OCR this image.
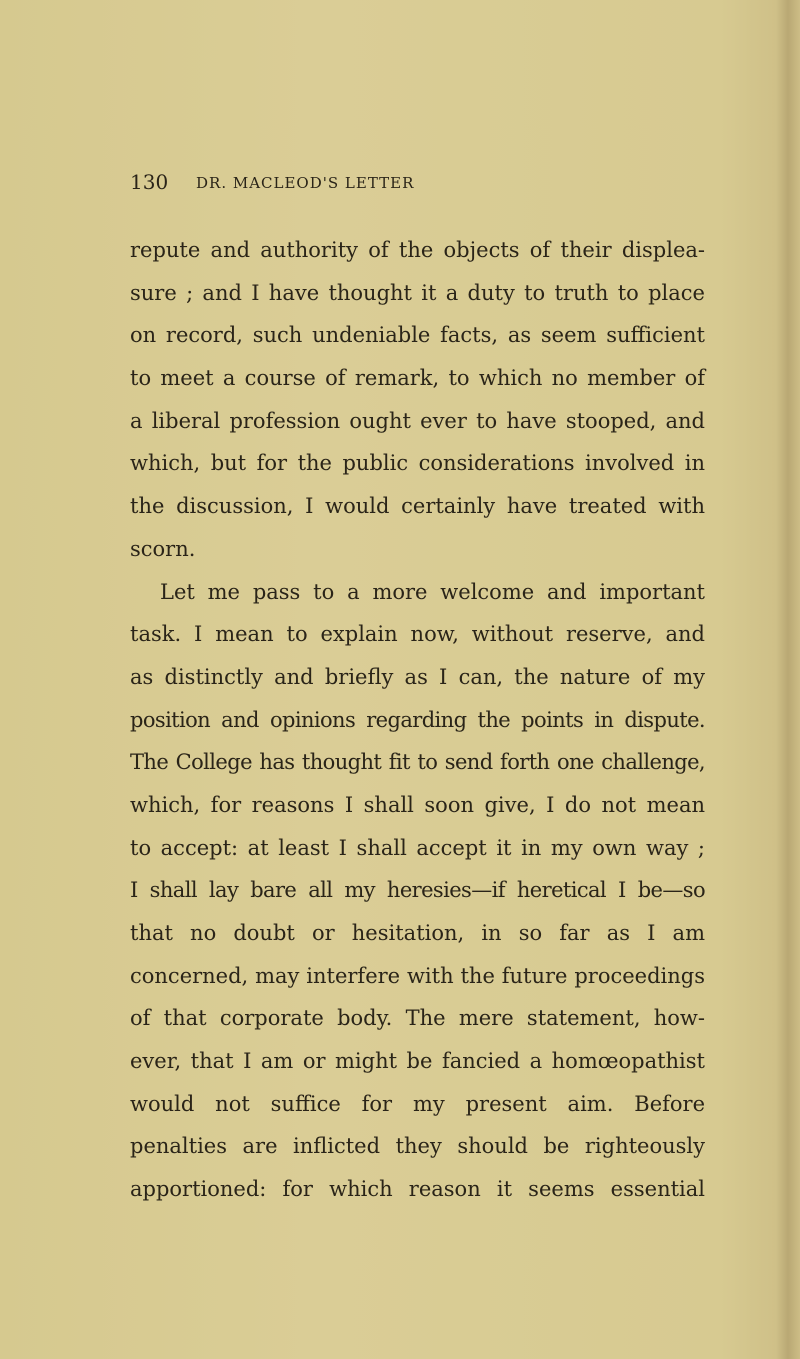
130 DR. MACLEOD'S LETTER
repute and authority of the objects of their displea-
sure ; and I have thought it a duty to truth to place
on record, such undeniable facts, as seem sufficient
to meet a course of remark, to which no member of
a liberal profession ought ever to have stooped, and
which, but for the public considerations involved in
the discussion, I would certainly have treated with
scorn.
Let me pass to a more welcome and important
task. I mean to explain now, without reserve, and
as distinctly and briefly as I can, the nature of my
position and opinions regarding the points in dispute.
The College has thought fit to send forth one challenge,
which, for reasons I shall soon give, I do not mean
to accept: at least I shall accept it in my own way ;
I shall lay bare all my heresies—if heretical I be—so
that no doubt or hesitation, in so far as I am
concerned, may interfere with the future proceedings
of that corporate body. The mere statement, how-
ever, that I am or might be fancied a homœopathist
would not suffice for my present aim. Before
penalties are inflicted they should be righteously
apportioned: for which reason it seems essential
